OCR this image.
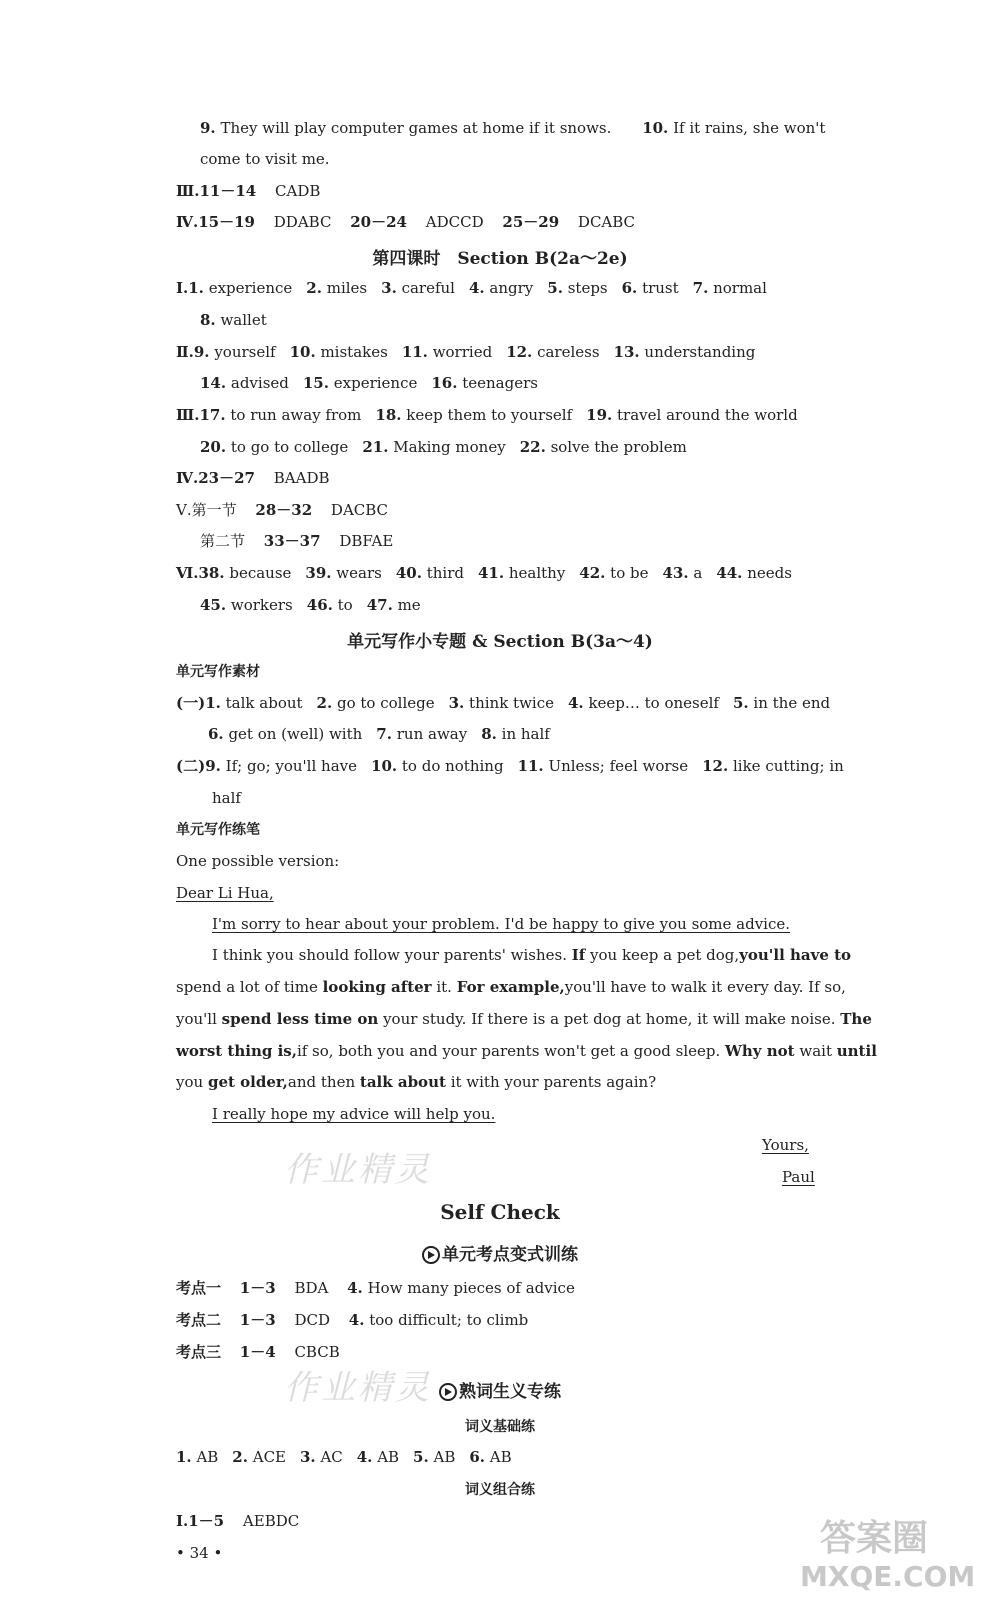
9. They will play computer games at home if it snows. 10. If it rains, she won't
come to visit me.
Ⅲ.11－14 CADB
Ⅳ.15－19 DDABC 20－24 ADCCD 25－29 DCABC
第四课时　Section B(2a～2e)
Ⅰ.1. experience 2. miles 3. careful 4. angry 5. steps 6. trust 7. normal
8. wallet
Ⅱ.9. yourself 10. mistakes 11. worried 12. careless 13. understanding
14. advised 15. experience 16. teenagers
Ⅲ.17. to run away from 18. keep them to yourself 19. travel around the world
20. to go to college 21. Making money 22. solve the problem
Ⅳ.23－27 BAADB
Ⅴ.第一节 28－32 DACBC
第二节 33－37 DBFAE
Ⅵ.38. because 39. wears 40. third 41. healthy 42. to be 43. a 44. needs
45. workers 46. to 47. me
单元写作小专题 & Section B(3a～4)
单元写作素材
(一)1. talk about 2. go to college 3. think twice 4. keep… to oneself 5. in the end
6. get on (well) with 7. run away 8. in half
(二)9. If; go; you'll have 10. to do nothing 11. Unless; feel worse 12. like cutting; in
half
单元写作练笔
One possible version:
Dear Li Hua,
I'm sorry to hear about your problem. I'd be happy to give you some advice.
I think you should follow your parents' wishes. If you keep a pet dog,you'll have to
spend a lot of time looking after it. For example,you'll have to walk it every day. If so,
you'll spend less time on your study. If there is a pet dog at home, it will make noise. The
worst thing is,if so, both you and your parents won't get a good sleep. Why not wait until
you get older,and then talk about it with your parents again?
I really hope my advice will help you.
Yours,
Paul
Self Check
单元考点变式训练
考点一 1－3 BDA 4. How many pieces of advice
考点二 1－3 DCD 4. too difficult; to climb
考点三 1－4 CBCB
熟词生义专练
词义基础练
1. AB 2. ACE 3. AC 4. AB 5. AB 6. AB
词义组合练
Ⅰ.1－5 AEBDC
• 34 •
作业精灵
作业精灵
答案圈
MXQE.COM
